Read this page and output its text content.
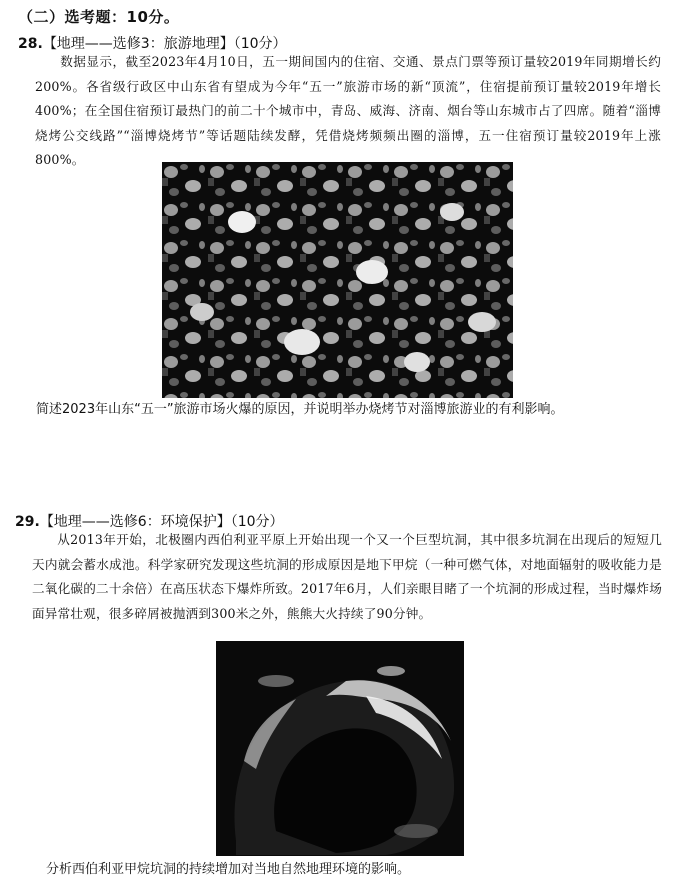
（二）选考题：10分。
28.【地理——选修3：旅游地理】（10分）

数据显示，截至2023年4月10日，五一期间国内的住宿、交通、景点门票等预订量较2019年同期增长约200%。各省级行政区中山东省有望成为今年“五一”旅游市场的新“顶流”，住宿提前预订量较2019年增长400%；在全国住宿预订最热门的前二十个城市中，青岛、威海、济南、烟台等山东城市占了四席。随着“淄博烧烤公交线路”“淄博烧烤节”等话题陆续发酵，凭借烧烤频频出圈的淄博，五一住宿预订量较2019年上涨800%。

简述2023年山东“五一”旅游市场火爆的原因，并说明举办烧烤节对淄博旅游业的有利影响。
29.【地理——选修6：环境保护】（10分）

从2013年开始，北极圈内西伯利亚平原上开始出现一个又一个巨型坑洞，其中很多坑洞在出现后的短短几天内就会蓄水成池。科学家研究发现这些坑洞的形成原因是地下甲烷（一种可燃气体，对地面辐射的吸收能力是二氧化碳的二十余倍）在高压状态下爆炸所致。2017年6月，人们亲眼目睹了一个坑洞的形成过程，当时爆炸场面异常壮观，很多碎屑被抛洒到300米之外，熊熊大火持续了90分钟。

分析西伯利亚甲烷坑洞的持续增加对当地自然地理环境的影响。
